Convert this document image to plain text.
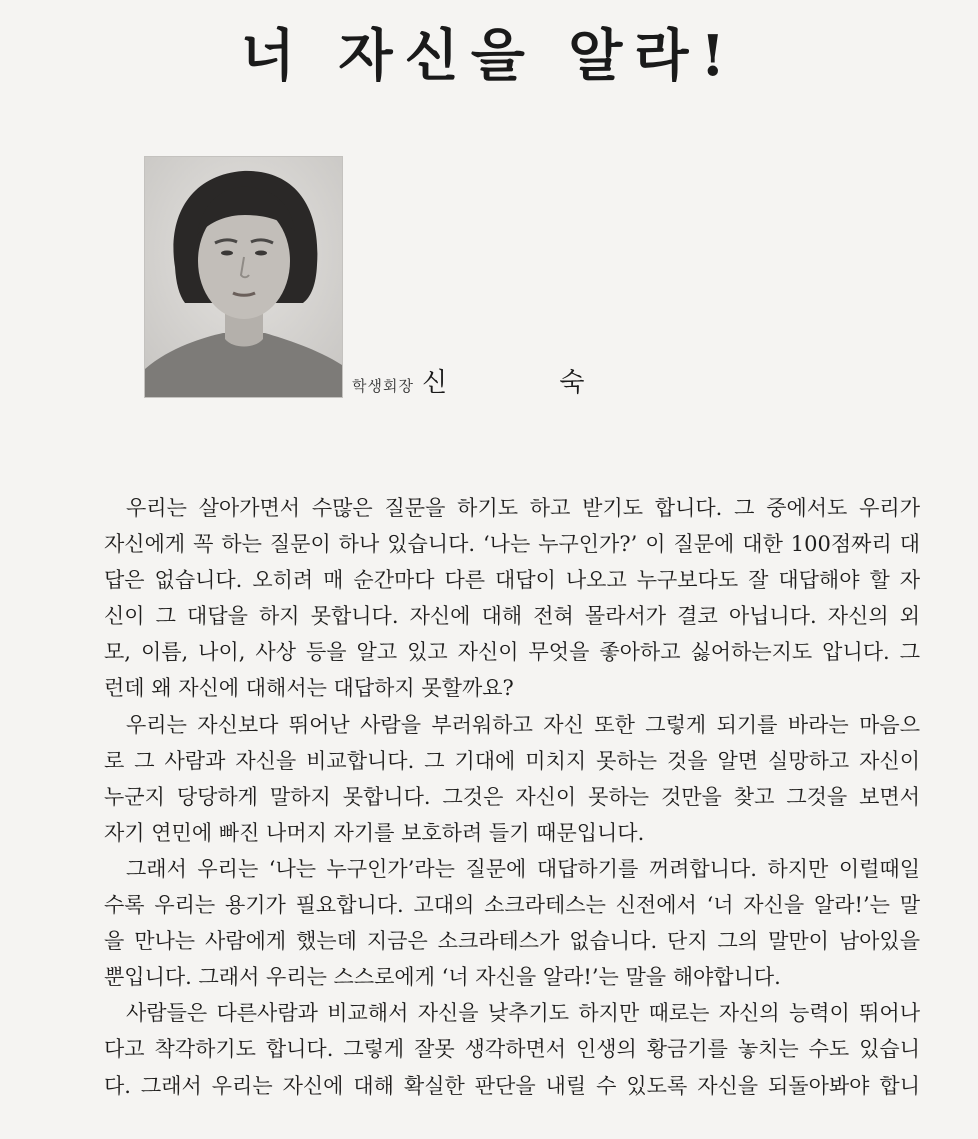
너 자신을 알라!
학생회장 신 숙
우리는 살아가면서 수많은 질문을 하기도 하고 받기도 합니다. 그 중에서도 우리가
자신에게 꼭 하는 질문이 하나 있습니다. ‘나는 누구인가?’ 이 질문에 대한 100점짜리 대
답은 없습니다. 오히려 매 순간마다 다른 대답이 나오고 누구보다도 잘 대답해야 할 자
신이 그 대답을 하지 못합니다. 자신에 대해 전혀 몰라서가 결코 아닙니다. 자신의 외
모, 이름, 나이, 사상 등을 알고 있고 자신이 무엇을 좋아하고 싫어하는지도 압니다. 그
런데 왜 자신에 대해서는 대답하지 못할까요?
우리는 자신보다 뛰어난 사람을 부러워하고 자신 또한 그렇게 되기를 바라는 마음으
로 그 사람과 자신을 비교합니다. 그 기대에 미치지 못하는 것을 알면 실망하고 자신이
누군지 당당하게 말하지 못합니다. 그것은 자신이 못하는 것만을 찾고 그것을 보면서
자기 연민에 빠진 나머지 자기를 보호하려 들기 때문입니다.
그래서 우리는 ‘나는 누구인가’라는 질문에 대답하기를 꺼려합니다. 하지만 이럴때일
수록 우리는 용기가 필요합니다. 고대의 소크라테스는 신전에서 ‘너 자신을 알라!’는 말
을 만나는 사람에게 했는데 지금은 소크라테스가 없습니다. 단지 그의 말만이 남아있을
뿐입니다. 그래서 우리는 스스로에게 ‘너 자신을 알라!’는 말을 해야합니다.
사람들은 다른사람과 비교해서 자신을 낮추기도 하지만 때로는 자신의 능력이 뛰어나
다고 착각하기도 합니다. 그렇게 잘못 생각하면서 인생의 황금기를 놓치는 수도 있습니
다. 그래서 우리는 자신에 대해 확실한 판단을 내릴 수 있도록 자신을 되돌아봐야 합니
